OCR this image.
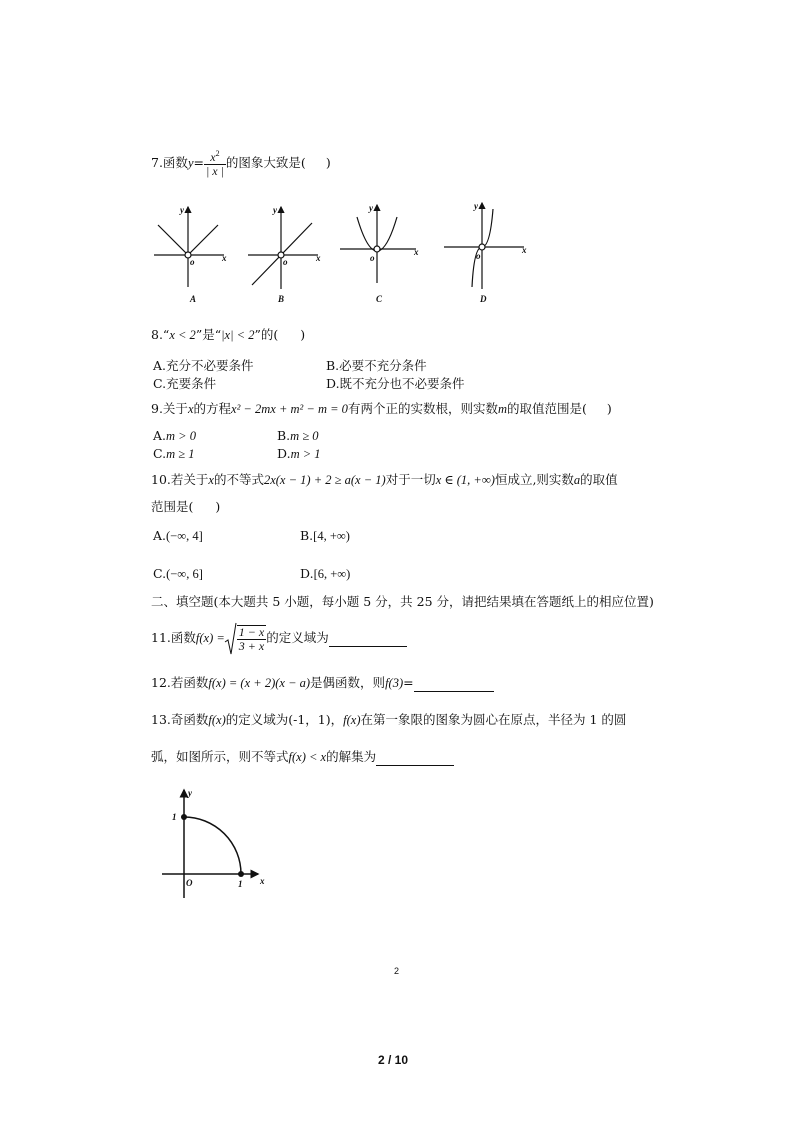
7.函数$y= \frac{x^2}{| x |}$ 的图象大致是( )
y
o	x
A
y
o	x
B
y
o
x
C
y
o
x
D
8.“x < 2”是“|x| < 2”的( )
A.充分不必要条件	B.必要不充分条件
C.充要条件	D.既不充分也不必要条件
9.关于x的方程x² − 2mx + m² − m = 0有两个正的实数根，则实数m的取值范围是( )
A.m > 0	B.m ≥ 0
C.m ≥ 1	D.m > 1
10.若关于x的不等式2x(x − 1) + 2 ≥ a(x − 1)对于一切x ∈ (1, +∞)恒成立,则实数a的取值
范围是( )
A.(−∞, 4]	B.[4, +∞)
C.(−∞, 6]	D.[6, +∞)
二、填空题(本大题共 5 小题，每小题 5 分，共 25 分，请把结果填在答题纸上的相应位置)
11.函数$f(x) = \frac{1 - x}{3 + x}$ 的定义域为
12.若函数f(x) = (x + 2)(x − a)是偶函数，则f(3)=
13.奇函数f(x)的定义域为(-1，1)，f(x)在第一象限的图象为圆心在原点，半径为 1 的圆
弧，如图所示，则不等式f(x) < x的解集为
y
x
O
1
1
2
2 / 10
